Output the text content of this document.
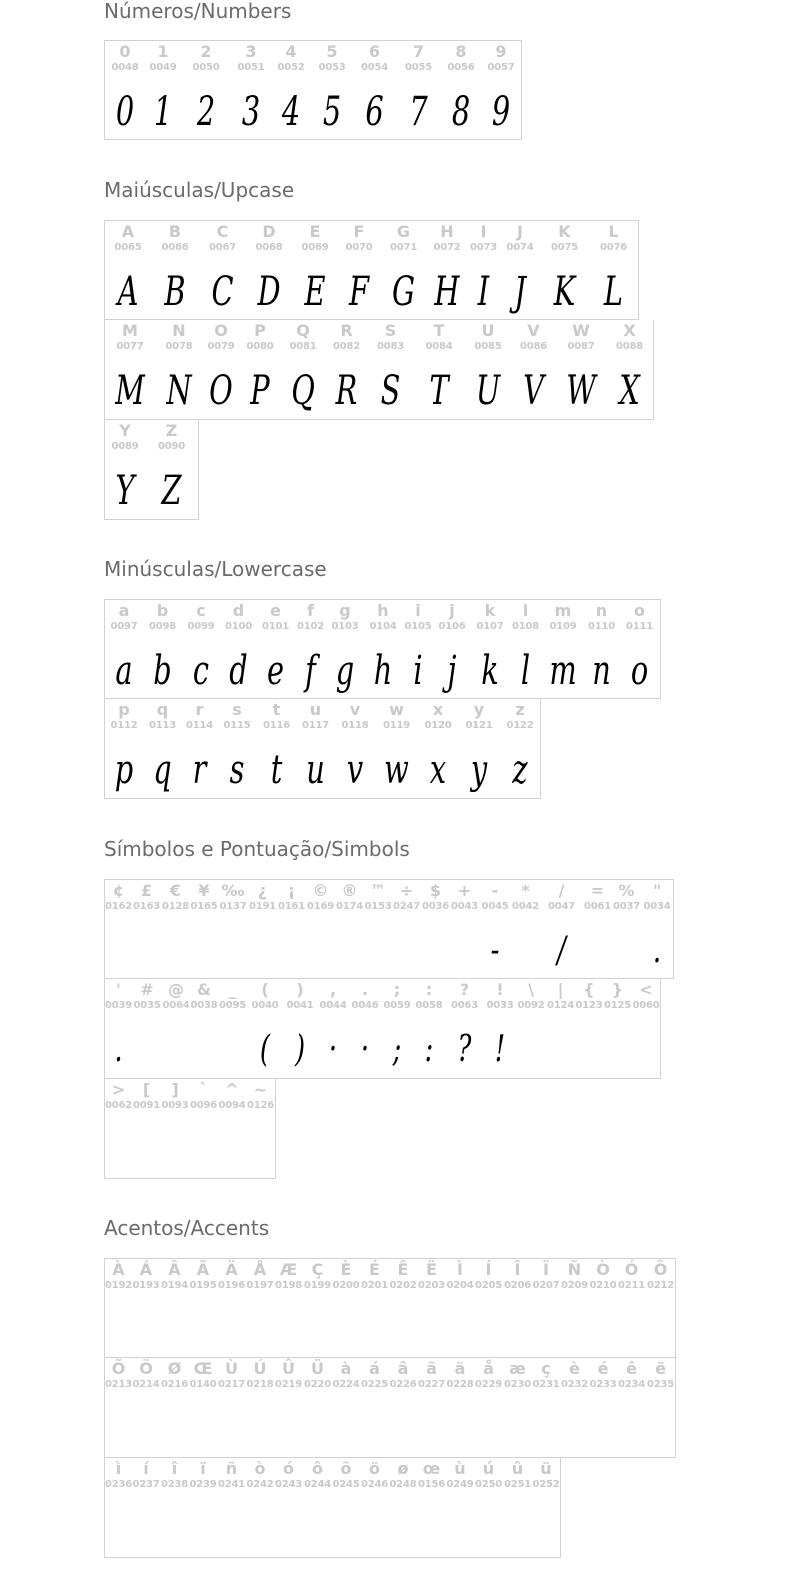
Números/Numbers
Maiúsculas/Upcase
Minúsculas/Lowercase
Símbolos e Pontuação/Simbols
Acentos/Accents
0
0048
0
1
0049
1
2
0050
2
3
0051
3
4
0052
4
5
0053
5
6
0054
6
7
0055
7
8
0056
8
9
0057
9
A
0065
A
B
0066
B
C
0067
C
D
0068
D
E
0069
E
F
0070
F
G
0071
G
H
0072
H
I
0073
I
J
0074
J
K
0075
K
L
0076
L
M
0077
M
N
0078
N
O
0079
O
P
0080
P
Q
0081
Q
R
0082
R
S
0083
S
T
0084
T
U
0085
U
V
0086
V
W
0087
W
X
0088
X
Y
0089
Y
Z
0090
Z
a
0097
a
b
0098
b
c
0099
c
d
0100
d
e
0101
e
f
0102
f
g
0103
g
h
0104
h
i
0105
i
j
0106
j
k
0107
k
l
0108
l
m
0109
m
n
0110
n
o
0111
o
p
0112
p
q
0113
q
r
0114
r
s
0115
s
t
0116
t
u
0117
u
v
0118
v
w
0119
w
x
0120
x
y
0121
y
z
0122
z
¢
0162
£
0163
€
0128
¥
0165
‰
0137
¿
0191
¡
0161
©
0169
®
0174
™
0153
÷
0247
$
0036
+
0043
-
0045
-
*
0042
/
0047
/
=
0061
%
0037
"
0034
.
'
0039
.
#
0035
@
0064
&
0038
_
0095
(
0040
(
)
0041
)
,
0044
·
.
0046
·
;
0059
;
:
0058
:
?
0063
?
!
0033
!
\
0092
|
0124
{
0123
}
0125
<
0060
>
0062
[
0091
]
0093
`
0096
^
0094
~
0126
À
0192
Á
0193
Â
0194
Ã
0195
Ä
0196
Å
0197
Æ
0198
Ç
0199
È
0200
É
0201
Ê
0202
Ë
0203
Ì
0204
Í
0205
Î
0206
Ï
0207
Ñ
0209
Ò
0210
Ó
0211
Ô
0212
Õ
0213
Ö
0214
Ø
0216
Œ
0140
Ù
0217
Ú
0218
Û
0219
Ü
0220
à
0224
á
0225
â
0226
ã
0227
ä
0228
å
0229
æ
0230
ç
0231
è
0232
é
0233
ê
0234
ë
0235
ì
0236
í
0237
î
0238
ï
0239
ñ
0241
ò
0242
ó
0243
ô
0244
õ
0245
ö
0246
ø
0248
œ
0156
ù
0249
ú
0250
û
0251
ü
0252
